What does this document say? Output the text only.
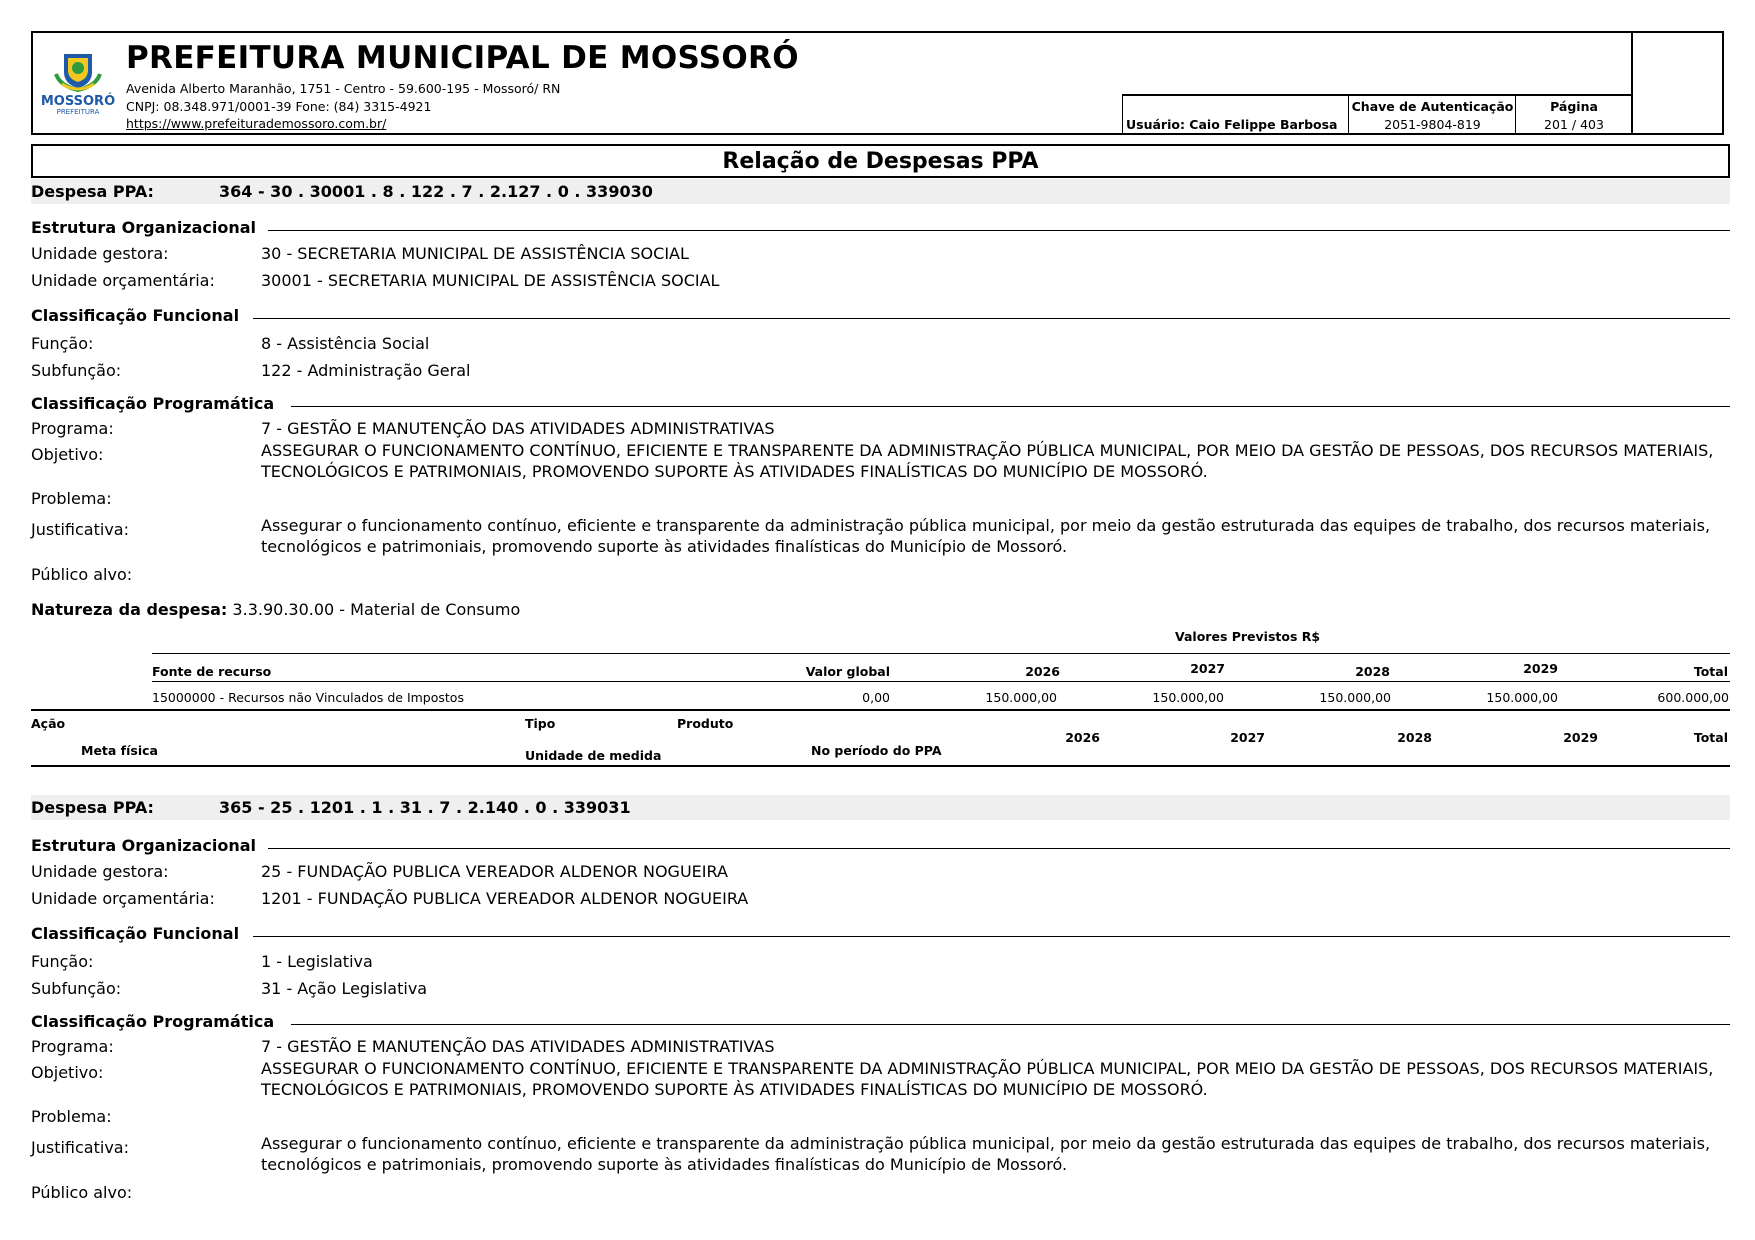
MOSSORÓ
PREFEITURA
PREFEITURA MUNICIPAL DE MOSSORÓ
Avenida Alberto Maranhão, 1751 - Centro - 59.600-195 - Mossoró/ RN
CNPJ: 08.348.971/0001-39 Fone: (84) 3315-4921
https://www.prefeiturademossoro.com.br/	Usuário: Caio Felippe Barbosa
Chave de Autenticação
2051-9804-819
Página
201 / 403
Relação de Despesas PPA
Despesa PPA:	364 - 30 . 30001 . 8 . 122 . 7 . 2.127 . 0 . 339030
Estrutura Organizacional
Unidade gestora:	30 - SECRETARIA MUNICIPAL DE ASSISTÊNCIA SOCIAL
Unidade orçamentária:	30001 - SECRETARIA MUNICIPAL DE ASSISTÊNCIA SOCIAL
Classificação Funcional
Função:	8 - Assistência Social
Subfunção:	122 - Administração Geral
Classificação Programática
Programa:	7 - GESTÃO E MANUTENÇÃO DAS ATIVIDADES ADMINISTRATIVAS
Objetivo:	ASSEGURAR O FUNCIONAMENTO CONTÍNUO, EFICIENTE E TRANSPARENTE DA ADMINISTRAÇÃO PÚBLICA MUNICIPAL, POR MEIO DA GESTÃO DE PESSOAS, DOS RECURSOS MATERIAIS, TECNOLÓGICOS E PATRIMONIAIS, PROMOVENDO SUPORTE ÀS ATIVIDADES FINALÍSTICAS DO MUNICÍPIO DE MOSSORÓ.
Problema:
Justificativa:	Assegurar o funcionamento contínuo, eficiente e transparente da administração pública municipal, por meio da gestão estruturada das equipes de trabalho, dos recursos materiais, tecnológicos e patrimoniais, promovendo suporte às atividades finalísticas do Município de Mossoró.
Público alvo:
Natureza da despesa: 3.3.90.30.00 - Material de Consumo
Valores Previstos R$
Fonte de recurso	Valor global	2026	2027	2028	2029	Total
15000000 - Recursos não Vinculados de Impostos	0,00	150.000,00	150.000,00	150.000,00	150.000,00	600.000,00
Ação	Tipo	Produto
2026	2027	2028	2029	Total
Meta física	Unidade de medida	No período do PPA
Despesa PPA:	365 - 25 . 1201 . 1 . 31 . 7 . 2.140 . 0 . 339031
Estrutura Organizacional
Unidade gestora:	25 - FUNDAÇÃO PUBLICA VEREADOR ALDENOR NOGUEIRA
Unidade orçamentária:	1201 - FUNDAÇÃO PUBLICA VEREADOR ALDENOR NOGUEIRA
Classificação Funcional
Função:	1 - Legislativa
Subfunção:	31 - Ação Legislativa
Classificação Programática
Programa:	7 - GESTÃO E MANUTENÇÃO DAS ATIVIDADES ADMINISTRATIVAS
Objetivo:	ASSEGURAR O FUNCIONAMENTO CONTÍNUO, EFICIENTE E TRANSPARENTE DA ADMINISTRAÇÃO PÚBLICA MUNICIPAL, POR MEIO DA GESTÃO DE PESSOAS, DOS RECURSOS MATERIAIS, TECNOLÓGICOS E PATRIMONIAIS, PROMOVENDO SUPORTE ÀS ATIVIDADES FINALÍSTICAS DO MUNICÍPIO DE MOSSORÓ.
Problema:
Justificativa:	Assegurar o funcionamento contínuo, eficiente e transparente da administração pública municipal, por meio da gestão estruturada das equipes de trabalho, dos recursos materiais, tecnológicos e patrimoniais, promovendo suporte às atividades finalísticas do Município de Mossoró.
Público alvo:
